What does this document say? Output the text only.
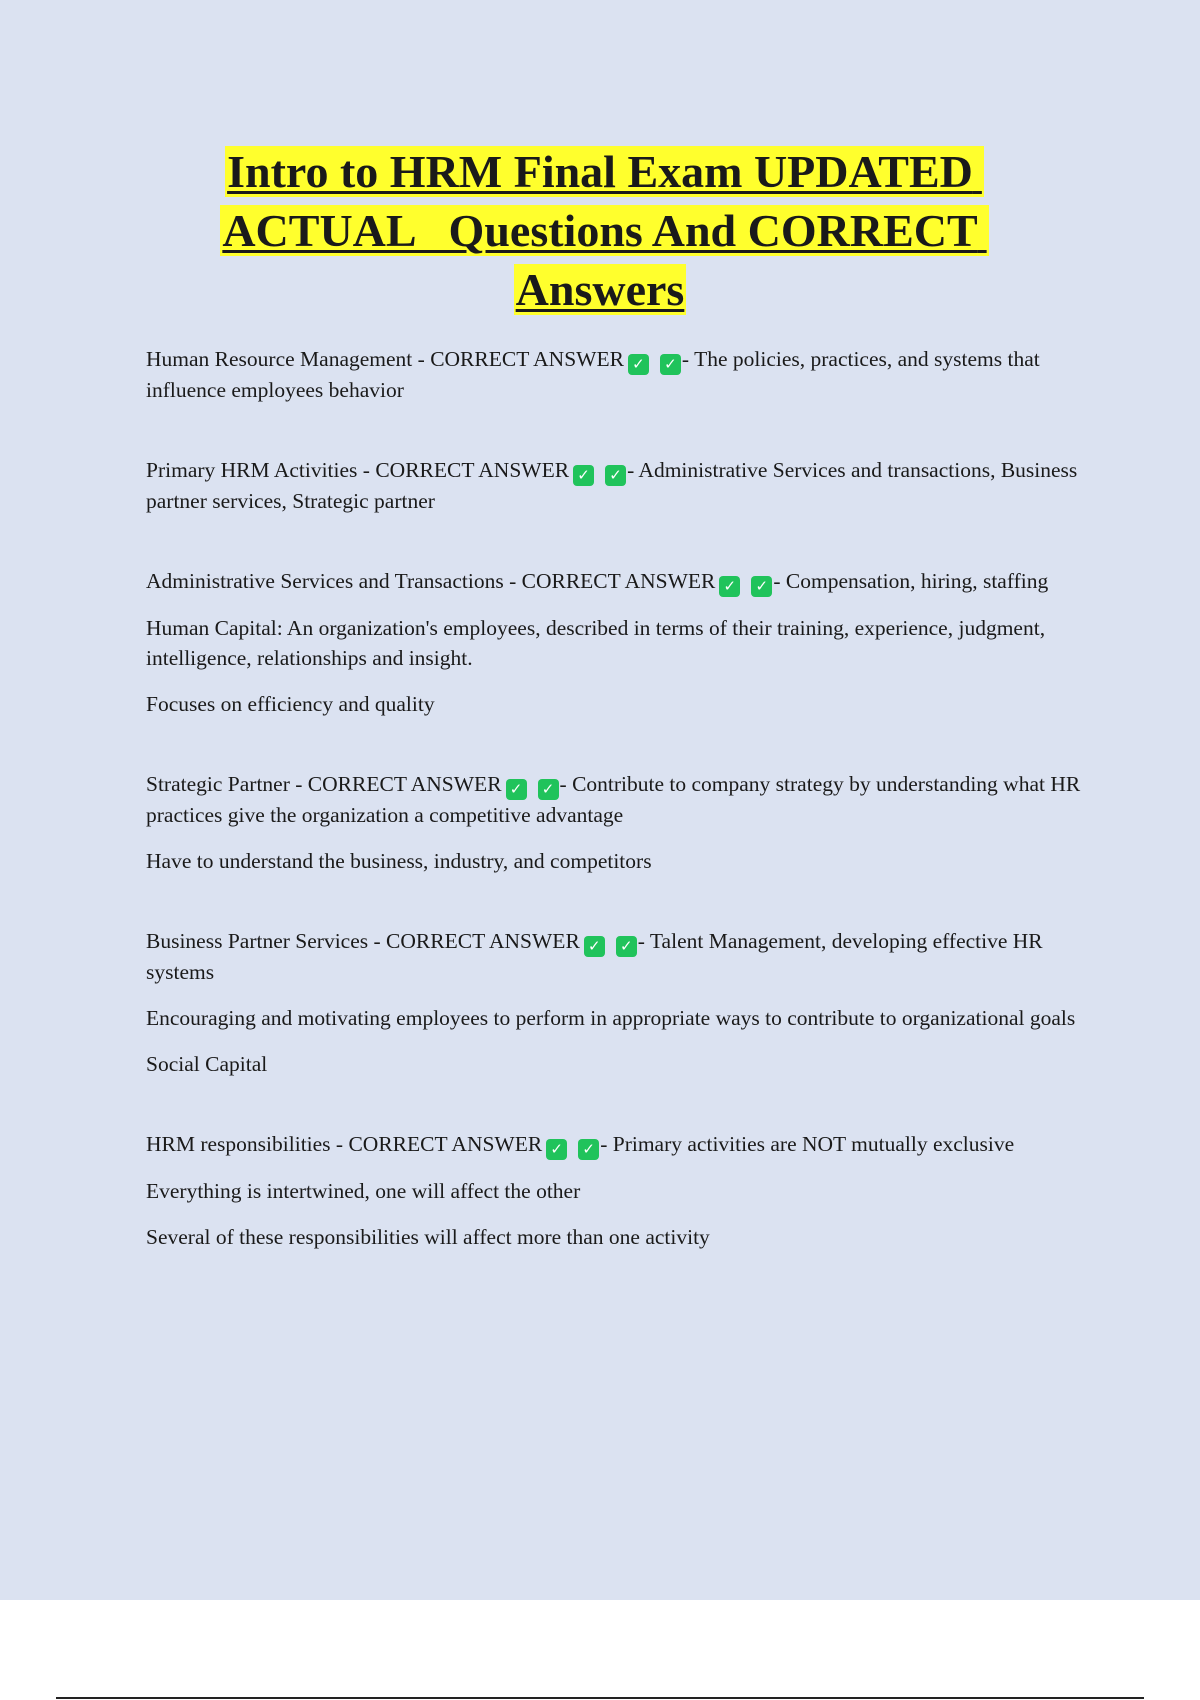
Intro to HRM Final Exam UPDATED ACTUAL   Questions And CORRECT Answers

Human Resource Management - CORRECT ANSWER ✓ ✓ - The policies, practices, and systems that influence employees behavior

Primary HRM Activities - CORRECT ANSWER ✓ ✓ - Administrative Services and transactions, Business partner services, Strategic partner

Administrative Services and Transactions - CORRECT ANSWER ✓ ✓ - Compensation, hiring, staffing

Human Capital: An organization's employees, described in terms of their training, experience, judgment, intelligence, relationships and insight.

Focuses on efficiency and quality

Strategic Partner - CORRECT ANSWER ✓ ✓ - Contribute to company strategy by understanding what HR practices give the organization a competitive advantage

Have to understand the business, industry, and competitors

Business Partner Services - CORRECT ANSWER ✓ ✓ - Talent Management, developing effective HR systems

Encouraging and motivating employees to perform in appropriate ways to contribute to organizational goals

Social Capital

HRM responsibilities - CORRECT ANSWER ✓ ✓ - Primary activities are NOT mutually exclusive

Everything is intertwined, one will affect the other

Several of these responsibilities will affect more than one activity
